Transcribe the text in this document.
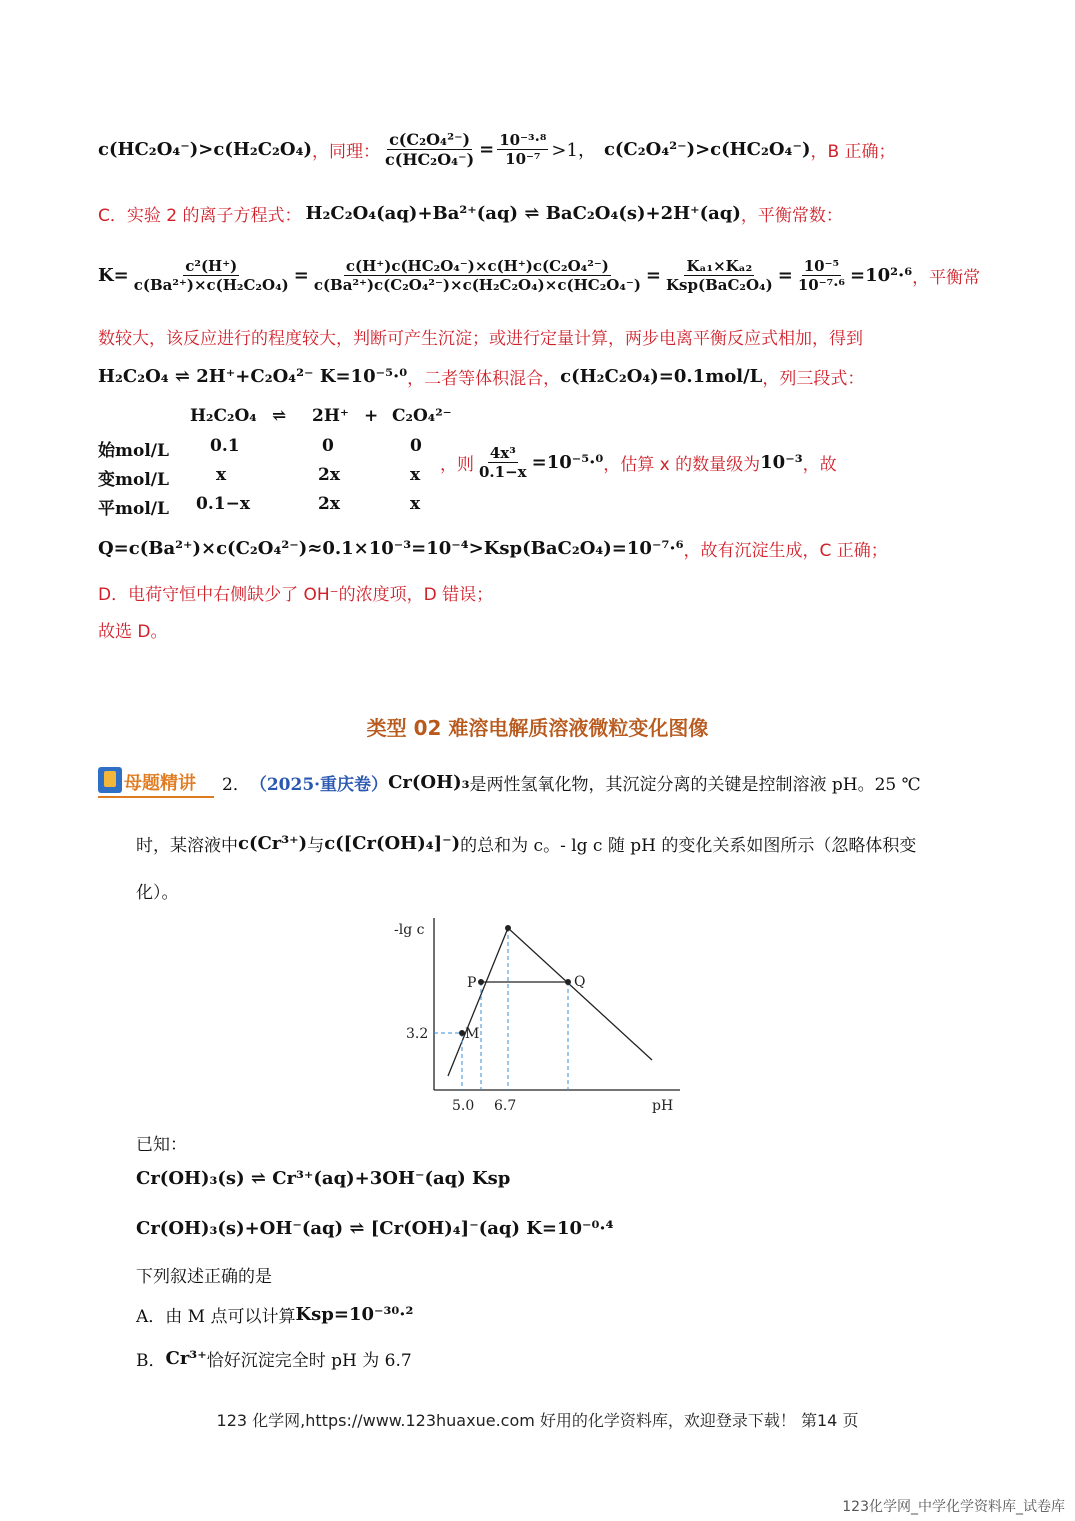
c(HC₂O₄⁻)>c(H₂C₂O₄) ，同理： $\frac{\text{c(C₂O₄²⁻)}}{\text{c(HC₂O₄⁻)}} = \frac{\text{10⁻³·⁸}}{\text{10⁻⁷}} >1$， c(C₂O₄²⁻)>c(HC₂O₄⁻) ，B 正确；
C．实验 2 的离子方程式： H₂C₂O₄(aq)+Ba²⁺(aq) ⇌ BaC₂O₄(s)+2H⁺(aq) ，平衡常数：
$K= \frac{\text{c²(H⁺)}}{\text{c(Ba²⁺)×c(H₂C₂O₄)}} = \frac{\text{c(H⁺)c(HC₂O₄⁻)×c(H⁺)c(C₂O₄²⁻)}}{\text{c(Ba²⁺)c(C₂O₄²⁻)×c(H₂C₂O₄)×c(HC₂O₄⁻)}} = \frac{\text{Kₐ₁×Kₐ₂}}{\text{Ksp(BaC₂O₄)}} = \frac{\text{10⁻⁵}}{\text{10⁻⁷·⁶}} =10^2\cdot^6$ ，平衡常
数较大，该反应进行的程度较大，判断可产生沉淀；或进行定量计算，两步电离平衡反应式相加，得到
H₂C₂O₄ ⇌ 2H⁺+C₂O₄²⁻ K=10⁻⁵·⁰ ，二者等体积混合， c(H₂C₂O₄)=0.1mol/L ，列三段式：
H₂C₂O₄ ⇌ 2H⁺ + C₂O₄²⁻
始mol/L 0.1	0	0
变mol/L	x	2x	x
平mol/L 0.1−x	2x	x
，则 $\frac{\text{4x³}}{0.1-x} =10^{-5}\cdot^0$ ，估算 x 的数量级为 10⁻³ ，故
Q=c(Ba²⁺)×c(C₂O₄²⁻)≈0.1×10⁻³=10⁻⁴>Ksp(BaC₂O₄)=10⁻⁷·⁶ ，故有沉淀生成，C 正确；
D．电荷守恒中右侧缺少了 OH⁻的浓度项，D 错误；
故选 D。
类型 02 难溶电解质溶液微粒变化图像
母题精讲 2． （2025·重庆卷） Cr(OH)₃ 是两性氢氧化物，其沉淀分离的关键是控制溶液 pH。25 ℃
时，某溶液中 c(Cr³⁺) 与 c([Cr(OH)₄]⁻) 的总和为 c。- lg c 随 pH 的变化关系如图所示（忽略体积变
化）。
-lg c
pH
5.0 6.7
3.2	M
P	Q
已知：
Cr(OH)₃(s) ⇌ Cr³⁺(aq)+3OH⁻(aq) Ksp
Cr(OH)₃(s)+OH⁻(aq) ⇌ [Cr(OH)₄]⁻(aq) K=10⁻⁰·⁴
下列叙述正确的是
A．由 M 点可以计算 Ksp=10⁻³⁰·²
B． Cr³⁺ 恰好沉淀完全时 pH 为 6.7
123 化学网,https://www.123huaxue.com 好用的化学资料库，欢迎登录下载！ 第14 页
123化学网_中学化学资料库_试卷库
